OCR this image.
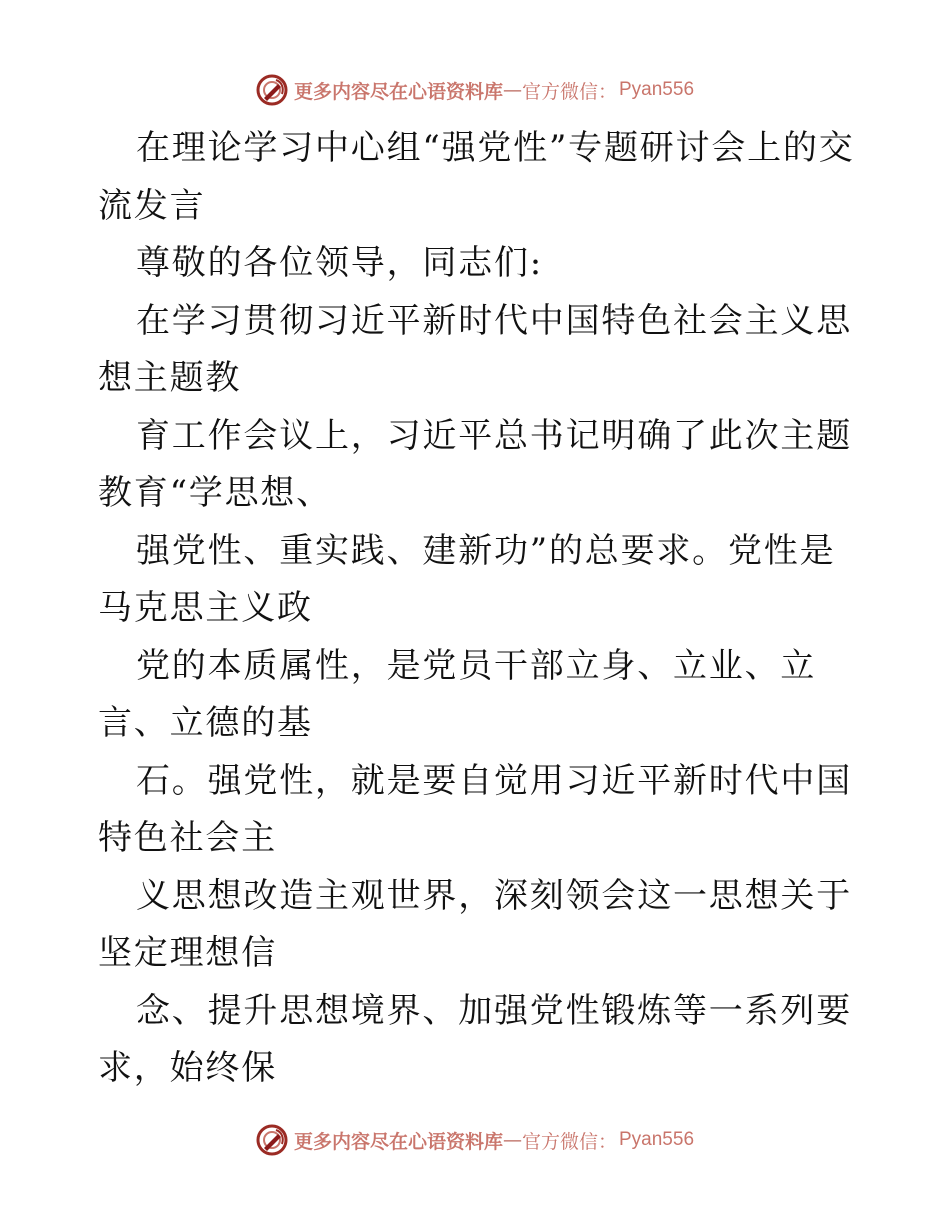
更多内容尽在心语资料库 — 官方微信： Pyan556

在理论学习中心组“强党性”专题研讨会上的交流发言

尊敬的各位领导，同志们:

在学习贯彻习近平新时代中国特色社会主义思想主题教

育工作会议上，习近平总书记明确了此次主题教育“学思想、

强党性、重实践、建新功”的总要求。党性是马克思主义政

党的本质属性，是党员干部立身、立业、立言、立德的基

石。强党性，就是要自觉用习近平新时代中国特色社会主

义思想改造主观世界，深刻领会这一思想关于坚定理想信

念、提升思想境界、加强党性锻炼等一系列要求，始终保

更多内容尽在心语资料库 — 官方微信： Pyan556
